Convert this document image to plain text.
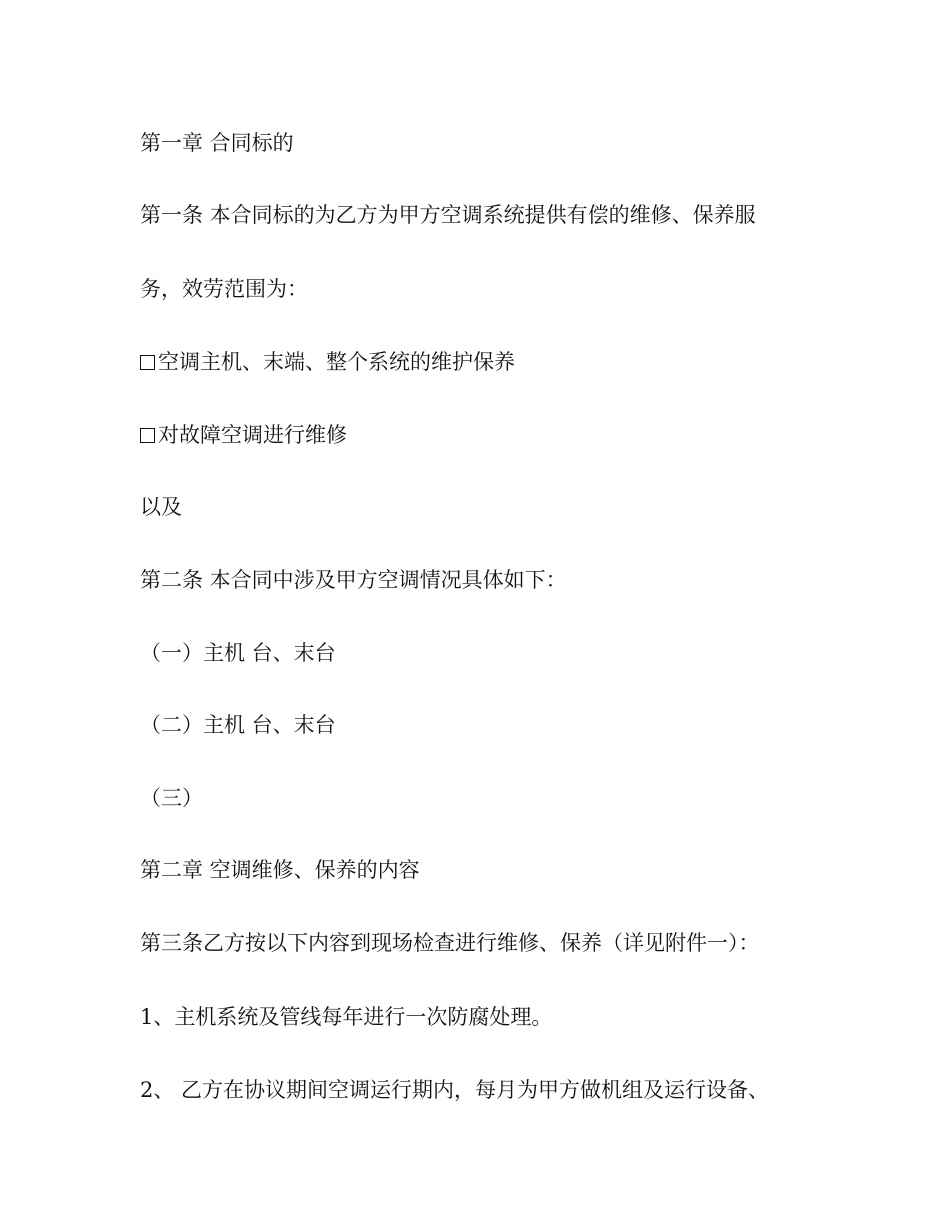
第一章 合同标的
第一条 本合同标的为乙方为甲方空调系统提供有偿的维修、保养服
务，效劳范围为：
空调主机、末端、整个系统的维护保养
对故障空调进行维修
以及
第二条 本合同中涉及甲方空调情况具体如下：
（一）主机 台、末台
（二）主机 台、末台
（三）
第二章 空调维修、保养的内容
第三条乙方按以下内容到现场检查进行维修、保养（详见附件一）：
1、主机系统及管线每年进行一次防腐处理。
2、 乙方在协议期间空调运行期内，每月为甲方做机组及运行设备、
